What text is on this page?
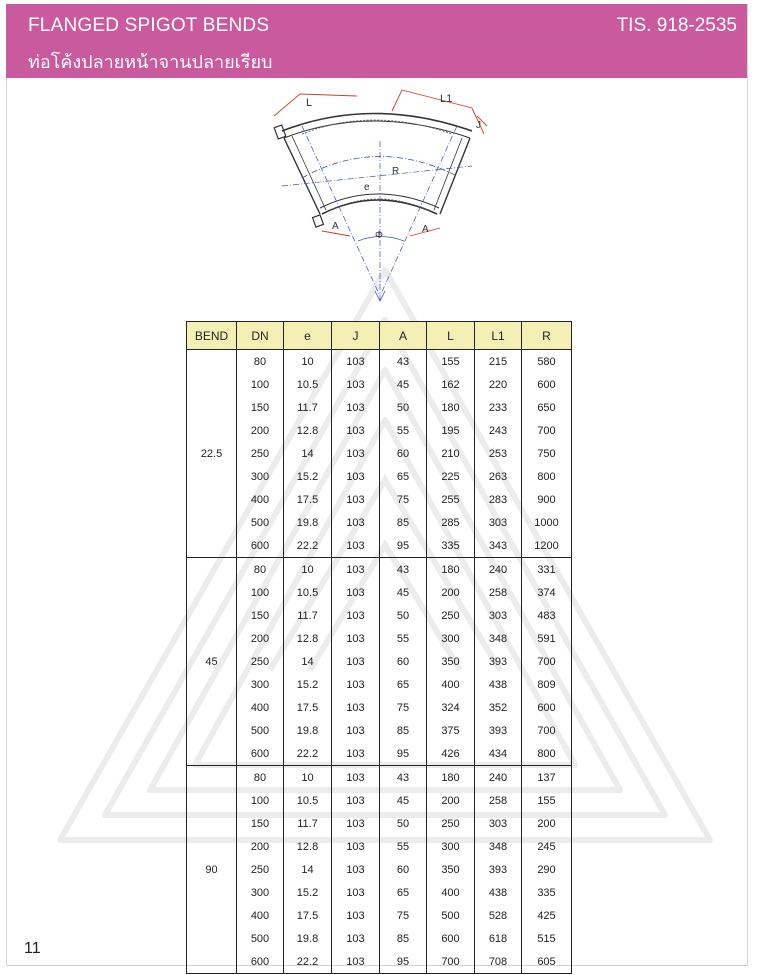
FLANGED SPIGOT BENDS
ท่อโค้งปลายหน้าจานปลายเรียบ
TIS. 918-2535
L	L1
J
e
R
A	A
Φ
BEND	DN	e	J	A	L	L1	R
22.5	80	10	103	43	155	215	580
	100	10.5	103	45	162	220	600
	150	11.7	103	50	180	233	650
	200	12.8	103	55	195	243	700
	250	14	103	60	210	253	750
	300	15.2	103	65	225	263	800
	400	17.5	103	75	255	283	900
	500	19.8	103	85	285	303	1000
	600	22.2	103	95	335	343	1200
45	80	10	103	43	180	240	331
	100	10.5	103	45	200	258	374
	150	11.7	103	50	250	303	483
	200	12.8	103	55	300	348	591
	250	14	103	60	350	393	700
	300	15.2	103	65	400	438	809
	400	17.5	103	75	324	352	600
	500	19.8	103	85	375	393	700
	600	22.2	103	95	426	434	800
90	80	10	103	43	180	240	137
	100	10.5	103	45	200	258	155
	150	11.7	103	50	250	303	200
	200	12.8	103	55	300	348	245
	250	14	103	60	350	393	290
	300	15.2	103	65	400	438	335
	400	17.5	103	75	500	528	425
	500	19.8	103	85	600	618	515
	600	22.2	103	95	700	708	605
11
